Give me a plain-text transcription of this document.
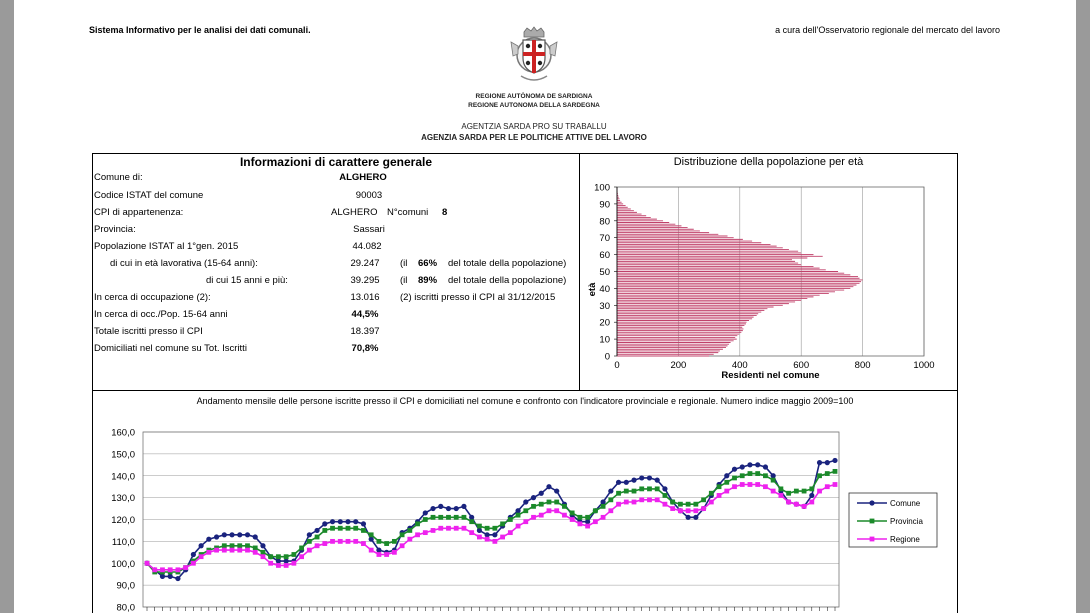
Sistema Informativo per le analisi dei dati comunali.	a cura dell'Osservatorio regionale del mercato del lavoro
REGIONE AUTÒNOMA DE SARDIGNA
REGIONE AUTONOMA DELLA SARDEGNA
AGENTZIA SARDA PRO SU TRABALLU
AGENZIA SARDA PER LE POLITICHE ATTIVE DEL LAVORO
Informazioni di carattere generale
Comune di:	ALGHERO
Codice ISTAT del comune	90003
CPI di appartenenza:	ALGHERO N°comuni 8
Provincia:	Sassari
Popolazione ISTAT al 1°gen. 2015	44.082
di cui in età lavorativa (15-64 anni):	29.247	(il 66% del totale della popolazione)
di cui 15 anni e più:	39.295	(il 89% del totale della popolazione)
In cerca di occupazione (2):	13.016	(2) iscritti presso il CPI al 31/12/2015
In cerca di occ./Pop. 15-64 anni	44,5%
Totale iscritti presso il CPI	18.397
Domiciliati nel comune su Tot. Iscritti	70,8%
Distribuzione della popolazione per età
0	200	400	600	800	1000
0
10
20
30
40
50
60
70
80
90
100
Residenti nel comune
età
Andamento mensile delle persone iscritte presso il CPI e domiciliati nel comune e confronto con l'indicatore provinciale e regionale. Numero indice maggio 2009=100
80,0
90,0
100,0
110,0
120,0
130,0
140,0
150,0
160,0
Comune
Provincia
Regione
